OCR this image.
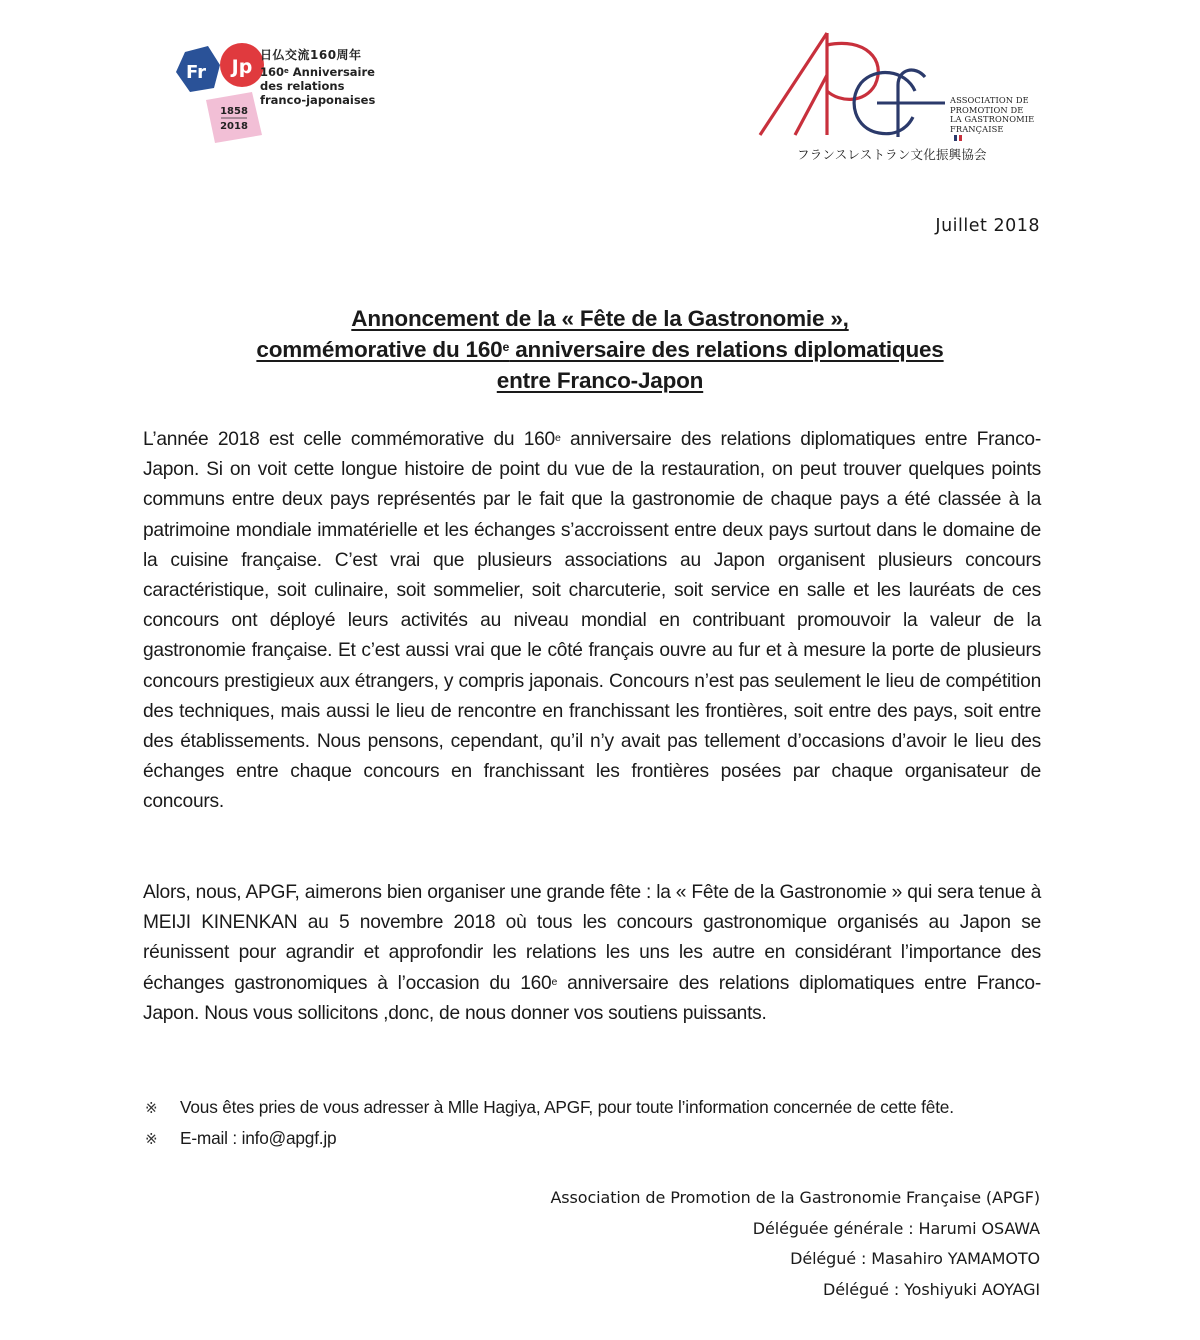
Fr Jp
1858
2018
日仏交流160周年
160e Anniversaire
des relations
franco-japonaises	ASSOCIATION DE
PROMOTION DE
LA GASTRONOMIE
FRANÇAISE
フランスレストラン文化振興協会
Juillet 2018
Annoncement de la « Fête de la Gastronomie »,
commémorative du 160e anniversaire des relations diplomatiques
entre Franco-Japon
L’année 2018 est celle commémorative du 160e anniversaire des relations diplomatiques entre Franco-Japon. Si on voit cette longue histoire de point du vue de la restauration, on peut trouver quelques points communs entre deux pays représentés par le fait que la gastronomie de chaque pays a été classée à la patrimoine mondiale immatérielle et les échanges s’accroissent entre deux pays surtout dans le domaine de la cuisine française. C’est vrai que plusieurs associations au Japon organisent plusieurs concours caractéristique, soit culinaire, soit sommelier, soit charcuterie, soit service en salle et les lauréats de ces concours ont déployé leurs activités au niveau mondial en contribuant promouvoir la valeur de la gastronomie française. Et c’est aussi vrai que le côté français ouvre au fur et à mesure la porte de plusieurs concours prestigieux aux étrangers, y compris japonais. Concours n’est pas seulement le lieu de compétition des techniques, mais aussi le lieu de rencontre en franchissant les frontières, soit entre des pays, soit entre des établissements. Nous pensons, cependant, qu’il n’y avait pas tellement d’occasions d’avoir le lieu des échanges entre chaque concours en franchissant les frontières posées par chaque organisateur de concours.
Alors, nous, APGF, aimerons bien organiser une grande fête : la « Fête de la Gastronomie » qui sera tenue à MEIJI KINENKAN au 5 novembre 2018 où tous les concours gastronomique organisés au Japon se réunissent pour agrandir et approfondir les relations les uns les autre en considérant l’importance des échanges gastronomiques à l’occasion du 160e anniversaire des relations diplomatiques entre Franco-Japon. Nous vous sollicitons ,donc, de nous donner vos soutiens puissants.
※ Vous êtes pries de vous adresser à Mlle Hagiya, APGF, pour toute l’information concernée de cette fête.
※ E-mail : info@apgf.jp
Association de Promotion de la Gastronomie Française (APGF)
Déléguée générale : Harumi OSAWA
Délégué : Masahiro YAMAMOTO
Délégué : Yoshiyuki AOYAGI
